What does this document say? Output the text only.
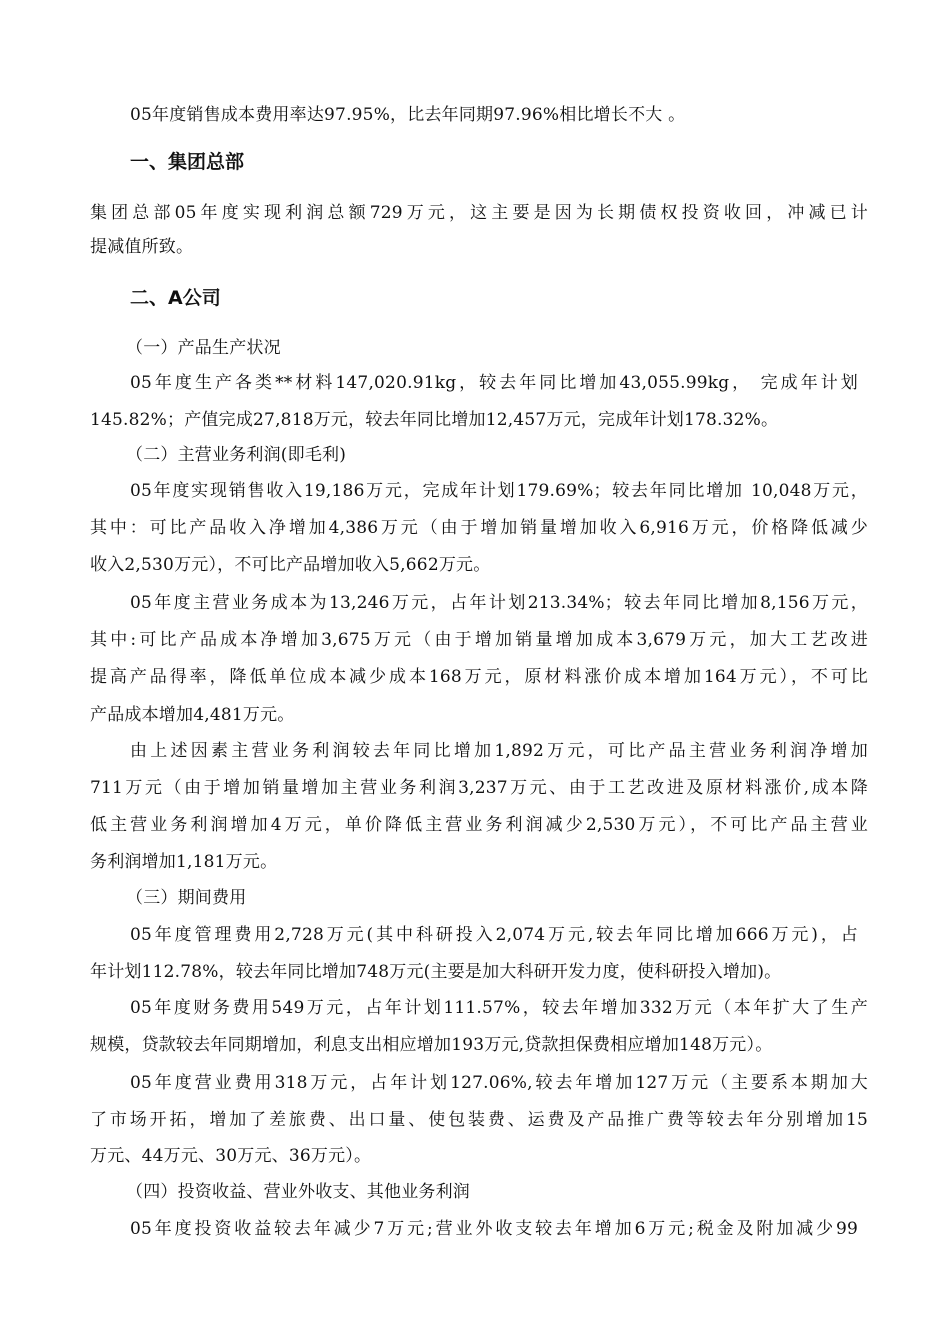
05年度销售成本费用率达97.95%，比去年同期97.96%相比增长不大 。
一、集团总部
集团总部05年度实现利润总额729万元，这主要是因为长期债权投资收回，冲减已计
提减值所致。
二、A公司
（一）产品生产状况
05年度生产各类**材料147,020.91kg，较去年同比增加43,055.99kg， 完成年计划
145.82%；产值完成27,818万元，较去年同比增加12,457万元，完成年计划178.32%。
（二）主营业务利润(即毛利)
05年度实现销售收入19,186万元，完成年计划179.69%；较去年同比增加 10,048万元，
其中：可比产品收入净增加4,386万元（由于增加销量增加收入6,916万元，价格降低减少
收入2,530万元），不可比产品增加收入5,662万元。
05年度主营业务成本为13,246万元，占年计划213.34%；较去年同比增加8,156万元，
其中:可比产品成本净增加3,675万元（由于增加销量增加成本3,679万元，加大工艺改进
提高产品得率，降低单位成本减少成本168万元，原材料涨价成本增加164万元），不可比
产品成本增加4,481万元。
由上述因素主营业务利润较去年同比增加1,892万元，可比产品主营业务利润净增加
711万元（由于增加销量增加主营业务利润3,237万元、由于工艺改进及原材料涨价,成本降
低主营业务利润增加4万元，单价降低主营业务利润减少2,530万元），不可比产品主营业
务利润增加1,181万元。
（三）期间费用
05年度管理费用2,728万元(其中科研投入2,074万元,较去年同比增加666万元)，占
年计划112.78%，较去年同比增加748万元(主要是加大科研开发力度，使科研投入增加)。
05年度财务费用549万元，占年计划111.57%，较去年增加332万元（本年扩大了生产
规模，贷款较去年同期增加，利息支出相应增加193万元,贷款担保费相应增加148万元）。
05年度营业费用318万元，占年计划127.06%,较去年增加127万元（主要系本期加大
了市场开拓，增加了差旅费、出口量、使包装费、运费及产品推广费等较去年分别增加15
万元、44万元、30万元、36万元）。
（四）投资收益、营业外收支、其他业务利润
05年度投资收益较去年减少7万元;营业外收支较去年增加6万元;税金及附加减少99
